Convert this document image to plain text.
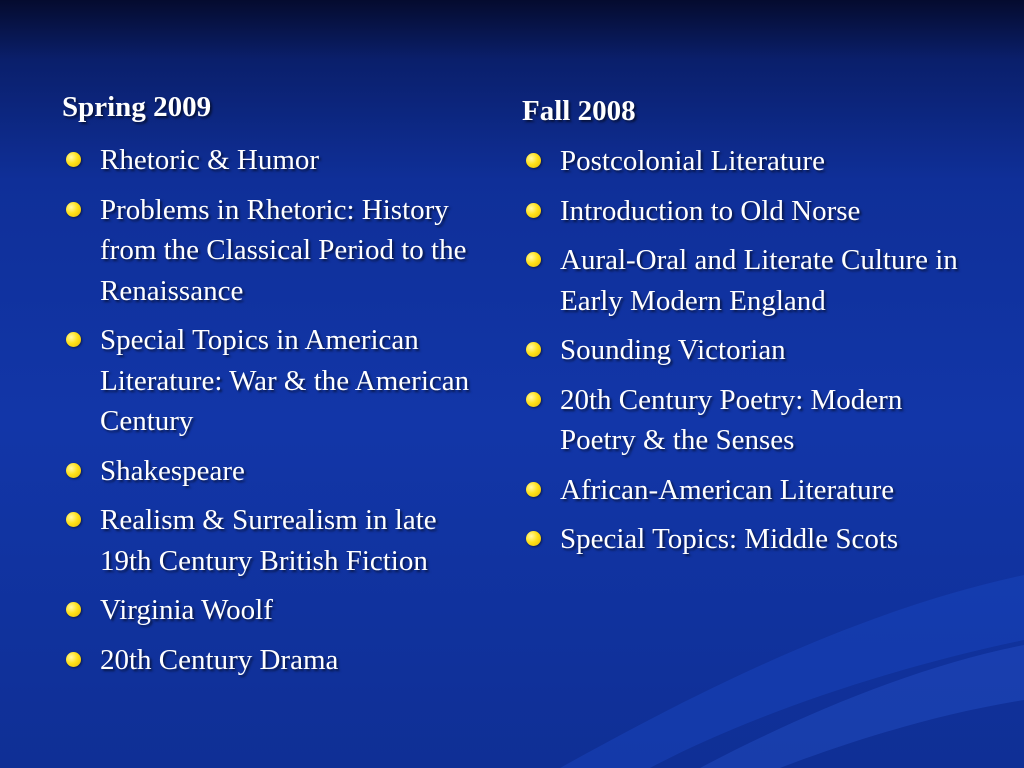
Spring 2009
Rhetoric & Humor
Problems in Rhetoric: History from the Classical Period to the Renaissance
Special Topics in American Literature: War & the American Century
Shakespeare
Realism & Surrealism in late 19th Century British Fiction
Virginia Woolf
20th Century Drama
Fall 2008
Postcolonial Literature
Introduction to Old Norse
Aural-Oral and Literate Culture in Early Modern England
Sounding Victorian
20th Century Poetry: Modern Poetry & the Senses
African-American Literature
Special Topics: Middle Scots
